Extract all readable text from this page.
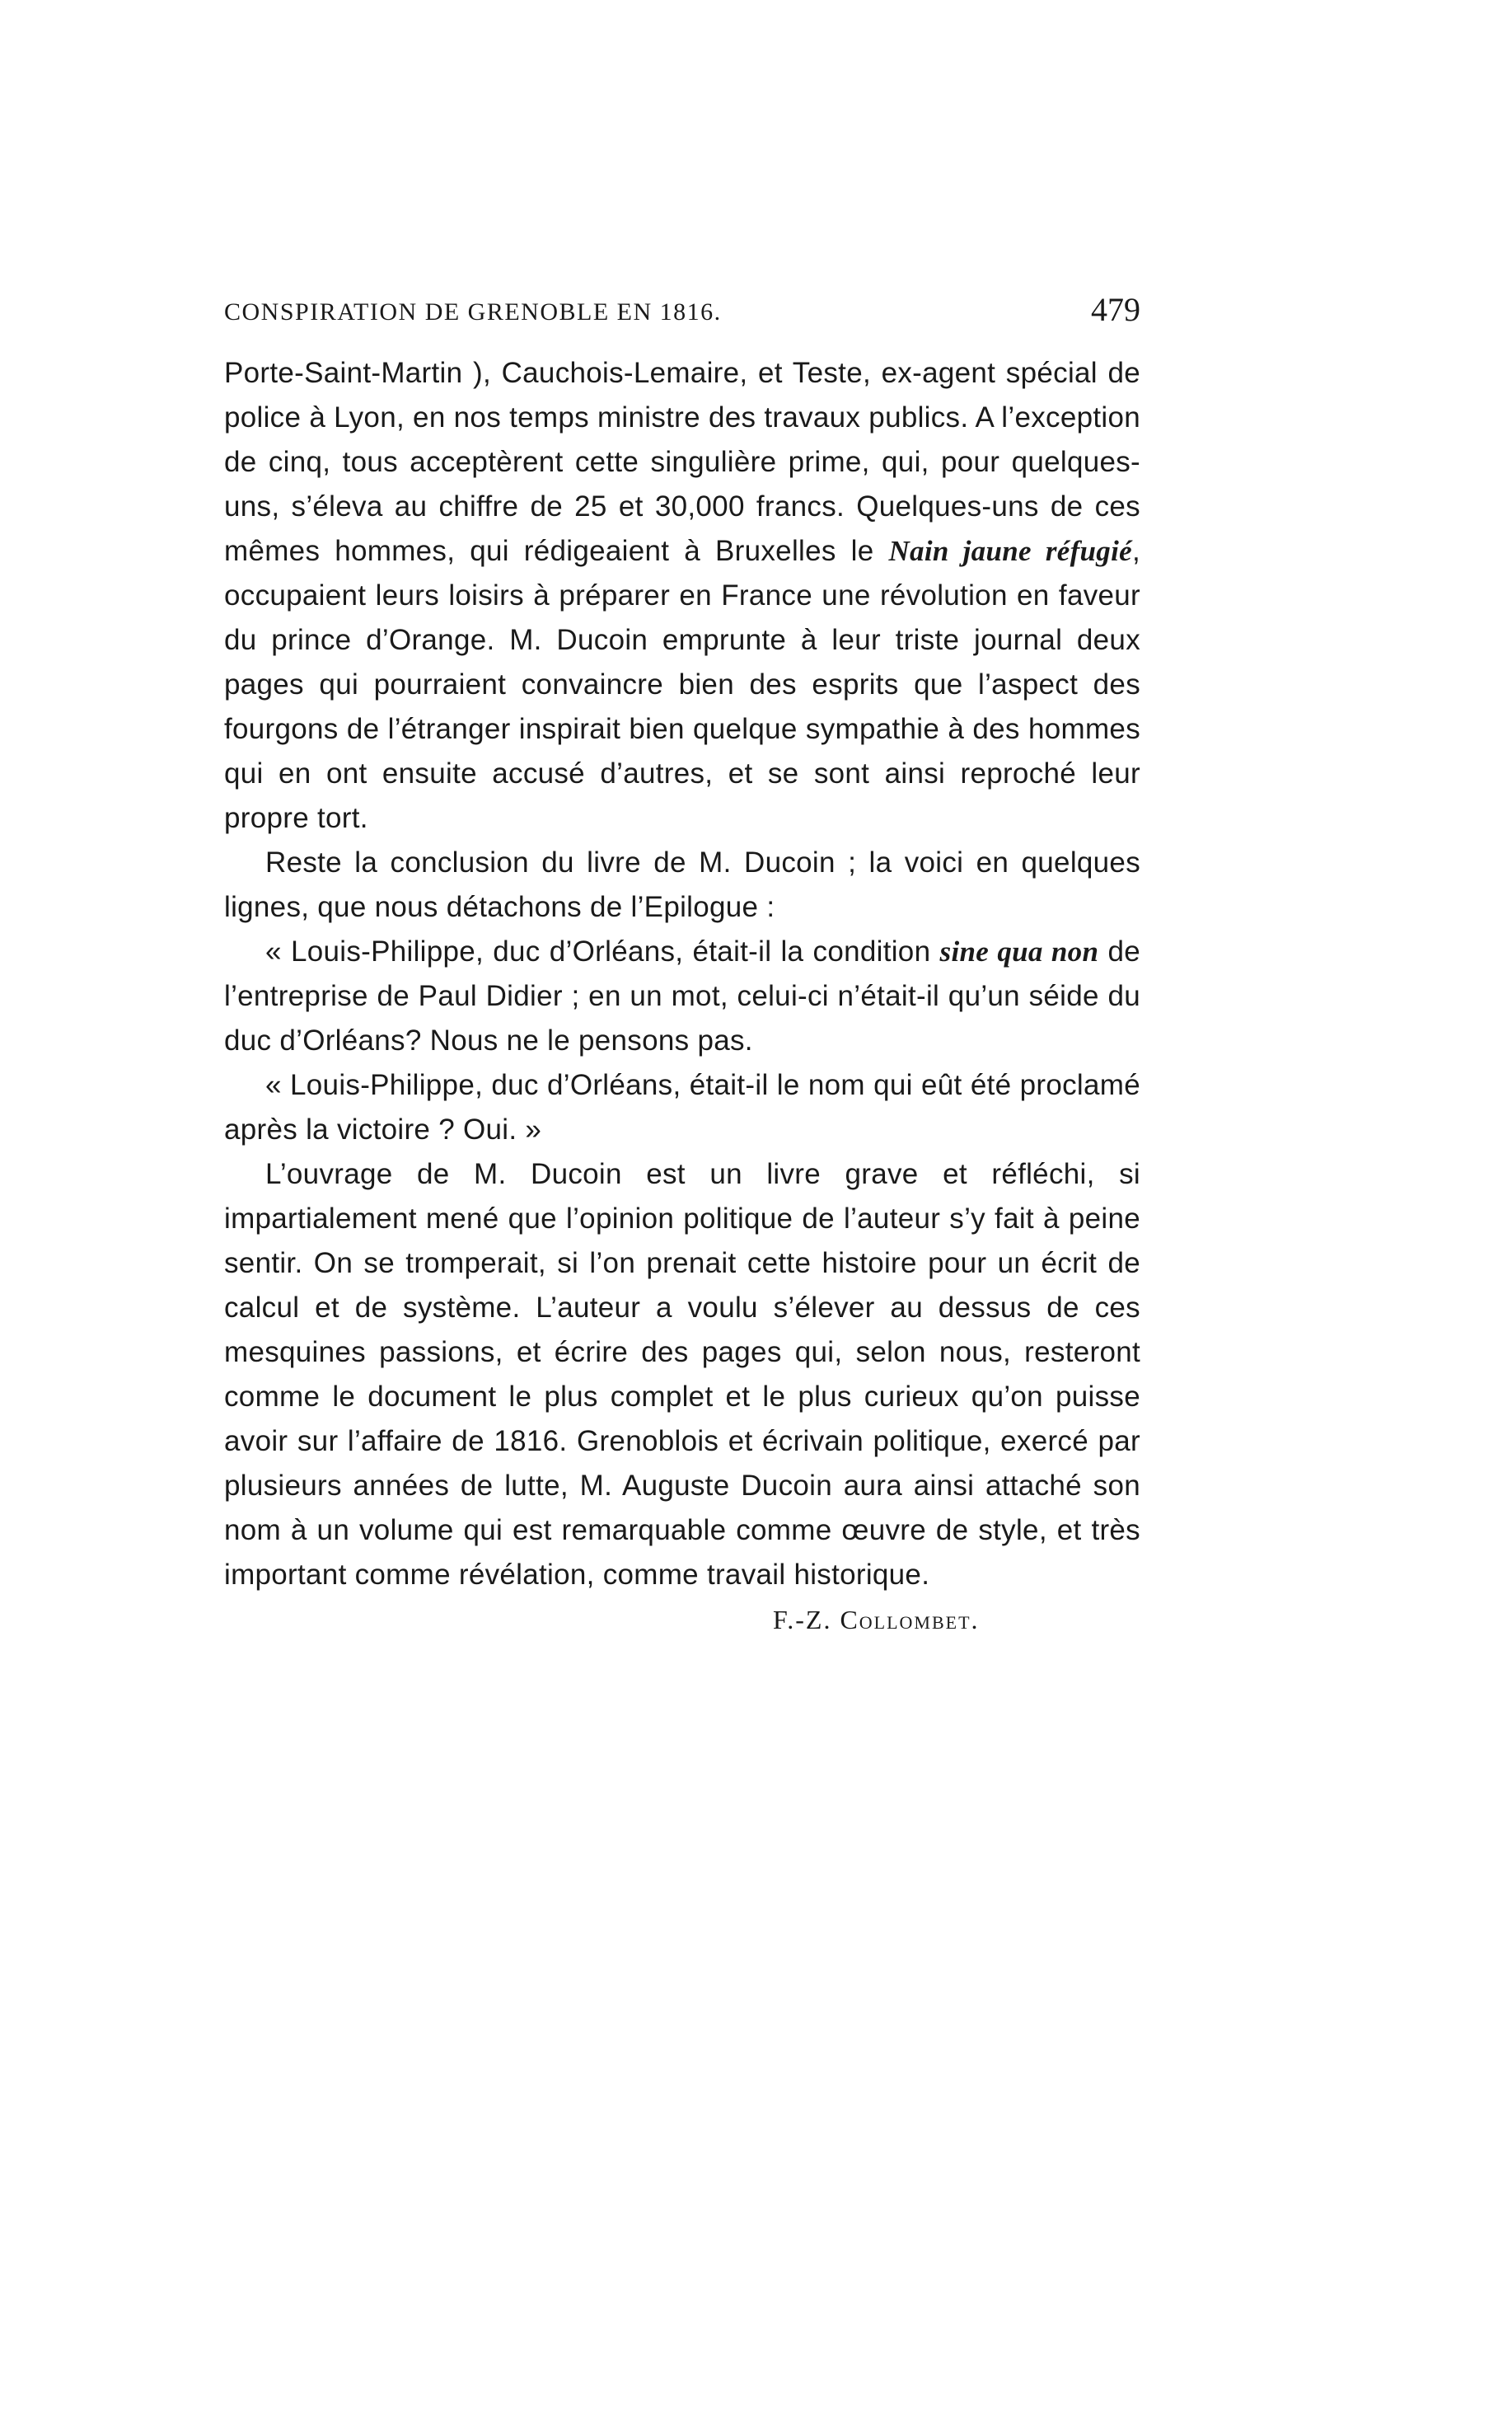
CONSPIRATION DE GRENOBLE EN 1816.	479

Porte-Saint-Martin ), Cauchois-Lemaire, et Teste, ex-agent spécial de police à Lyon, en nos temps ministre des travaux publics. A l’exception de cinq, tous acceptèrent cette singulière prime, qui, pour quelques-uns, s’éleva au chiffre de 25 et 30,000 francs. Quelques-uns de ces mêmes hommes, qui rédigeaient à Bruxelles le Nain jaune réfugié, occupaient leurs loisirs à préparer en France une révolution en faveur du prince d’Orange. M. Ducoin emprunte à leur triste journal deux pages qui pourraient convaincre bien des esprits que l’aspect des fourgons de l’étranger inspirait bien quelque sympathie à des hommes qui en ont ensuite accusé d’autres, et se sont ainsi reproché leur propre tort.

Reste la conclusion du livre de M. Ducoin ; la voici en quelques lignes, que nous détachons de l’Epilogue :

« Louis-Philippe, duc d’Orléans, était-il la condition sine qua non de l’entreprise de Paul Didier ; en un mot, celui-ci n’était-il qu’un séide du duc d’Orléans? Nous ne le pensons pas.

« Louis-Philippe, duc d’Orléans, était-il le nom qui eût été proclamé après la victoire ? Oui. »

L’ouvrage de M. Ducoin est un livre grave et réfléchi, si impartialement mené que l’opinion politique de l’auteur s’y fait à peine sentir. On se tromperait, si l’on prenait cette histoire pour un écrit de calcul et de système. L’auteur a voulu s’élever au dessus de ces mesquines passions, et écrire des pages qui, selon nous, resteront comme le document le plus complet et le plus curieux qu’on puisse avoir sur l’affaire de 1816. Grenoblois et écrivain politique, exercé par plusieurs années de lutte, M. Auguste Ducoin aura ainsi attaché son nom à un volume qui est remarquable comme œuvre de style, et très important comme révélation, comme travail historique.

F.-Z. Collombet.
